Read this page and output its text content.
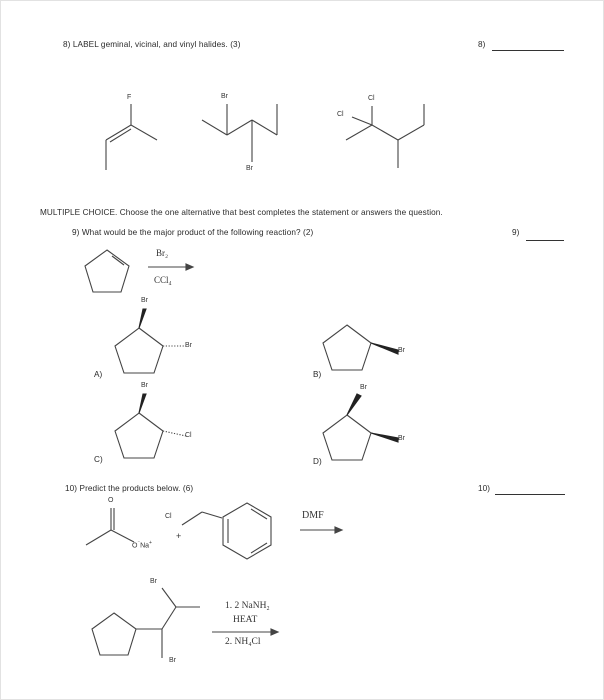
8) LABEL geminal, vicinal, and vinyl halides. (3)	8)
F	Br
Br
Cl
Cl
MULTIPLE CHOICE. Choose the one alternative that best completes the statement or answers the question.
9) What would be the major product of the following reaction? (2)	9)
Br₂
CCl₄
A)
Br
Br
B)
Br
C)
Br
Cl
D)
Br
Br
10) Predict the products below. (6)	10)
O
O⁻Na+
Cl
+
DMF
Br
Br
1. 2 NaNH₂
HEAT
2. NH₄Cl
